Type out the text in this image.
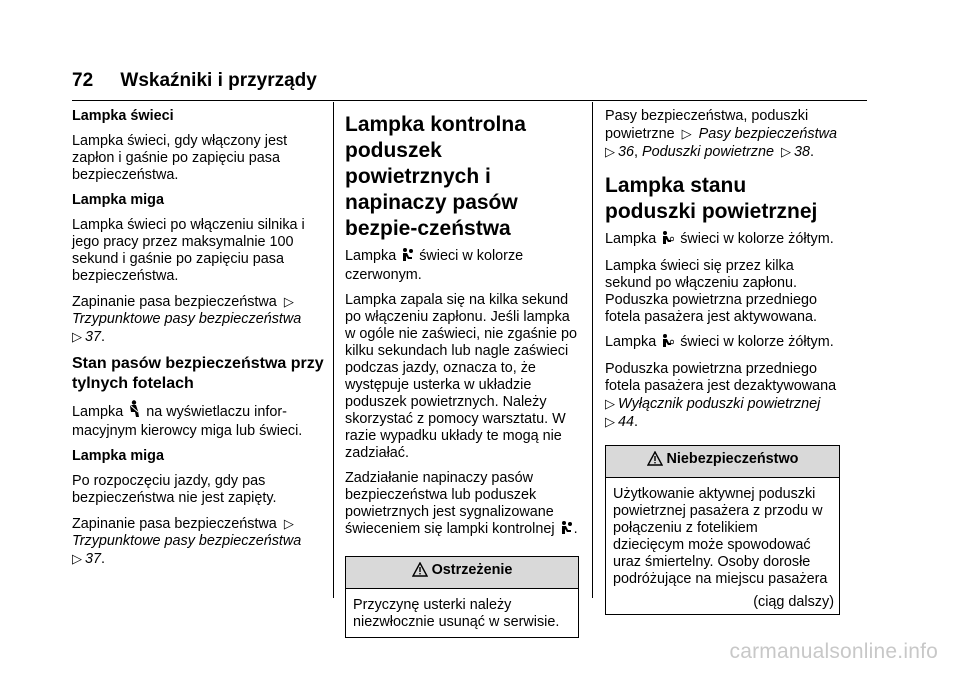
72 Wskaźniki i przyrządy

Lampka świeci

Lampka świeci, gdy włączony jest zapłon i gaśnie po zapięciu pasa bezpieczeństwa.

Lampka miga

Lampka świeci po włączeniu silnika i jego pracy przez maksymalnie 100 sekund i gaśnie po zapięciu pasa bezpieczeństwa.

Zapinanie pasa bezpieczeństwa ▷
Trzypunktowe pasy bezpieczeństwa
▷ 37.

Stan pasów bezpieczeństwa przy tylnych fotelach

Lampka na wyświetlaczu infor-macyjnym kierowcy miga lub świeci.

Lampka miga

Po rozpoczęciu jazdy, gdy pas bezpieczeństwa nie jest zapięty.

Zapinanie pasa bezpieczeństwa ▷
Trzypunktowe pasy bezpieczeństwa
▷ 37.

Lampka kontrolna poduszek powietrznych i napinaczy pasów bezpie-czeństwa

Lampka świeci w kolorze czerwonym.

Lampka zapala się na kilka sekund po włączeniu zapłonu. Jeśli lampka w ogóle nie zaświeci, nie zgaśnie po kilku sekundach lub nagle zaświeci podczas jazdy, oznacza to, że występuje usterka w układzie poduszek powietrznych. Należy skorzystać z pomocy warsztatu. W razie wypadku układy te mogą nie zadziałać.

Zadziałanie napinaczy pasów bezpieczeństwa lub poduszek powietrznych jest sygnalizowane świeceniem się lampki kontrolnej .

Ostrzeżenie
Przyczynę usterki należy niezwłocznie usunąć w serwisie.

Pasy bezpieczeństwa, poduszki powietrzne ▷ Pasy bezpieczeństwa
▷ 36, Poduszki powietrzne ▷ 38.

Lampka stanu poduszki powietrznej

Lampka świeci w kolorze żółtym.

Lampka świeci się przez kilka sekund po włączeniu zapłonu. Poduszka powietrzna przedniego fotela pasażera jest aktywowana.

Lampka świeci w kolorze żółtym.

Poduszka powietrzna przedniego fotela pasażera jest dezaktywowana
▷ Wyłącznik poduszki powietrznej
▷ 44.

Niebezpieczeństwo
Użytkowanie aktywnej poduszki powietrznej pasażera z przodu w połączeniu z fotelikiem dziecięcym może spowodować uraz śmiertelny. Osoby dorosłe podróżujące na miejscu pasażera
(ciąg dalszy)
carmanualsonline.info
